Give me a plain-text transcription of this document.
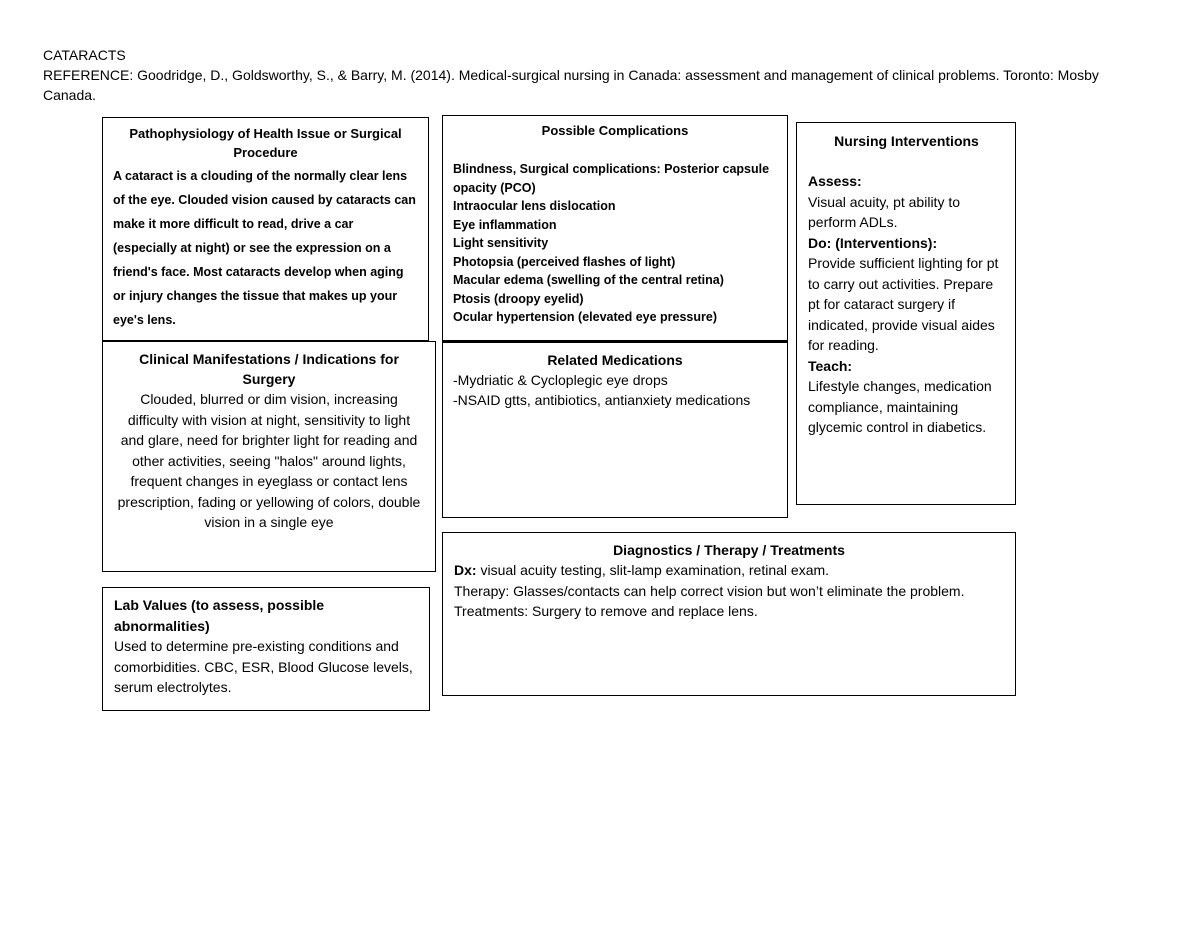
CATARACTS
REFERENCE: Goodridge, D., Goldsworthy, S., & Barry, M. (2014). Medical-surgical nursing in Canada: assessment and management of clinical problems. Toronto: Mosby Canada.
Pathophysiology of Health Issue or Surgical Procedure
A cataract is a clouding of the normally clear lens of the eye. Clouded vision caused by cataracts can make it more difficult to read, drive a car (especially at night) or see the expression on a friend's face. Most cataracts develop when aging or injury changes the tissue that makes up your eye's lens.
Clinical Manifestations / Indications for Surgery
Clouded, blurred or dim vision, increasing difficulty with vision at night, sensitivity to light and glare, need for brighter light for reading and other activities, seeing "halos" around lights, frequent changes in eyeglass or contact lens prescription, fading or yellowing of colors, double vision in a single eye
Possible Complications
Blindness, Surgical complications: Posterior capsule opacity (PCO)
Intraocular lens dislocation
Eye inflammation
Light sensitivity
Photopsia (perceived flashes of light)
Macular edema (swelling of the central retina)
Ptosis (droopy eyelid)
Ocular hypertension (elevated eye pressure)
Related Medications
-Mydriatic & Cycloplegic eye drops
-NSAID gtts, antibiotics, antianxiety medications
Nursing Interventions
Assess:
Visual acuity, pt ability to perform ADLs.
Do: (Interventions):
Provide sufficient lighting for pt to carry out activities. Prepare pt for cataract surgery if indicated, provide visual aides for reading.
Teach:
Lifestyle changes, medication compliance, maintaining glycemic control in diabetics.
Diagnostics / Therapy / Treatments
Dx: visual acuity testing, slit-lamp examination, retinal exam.
Therapy: Glasses/contacts can help correct vision but won’t eliminate the problem.
Treatments: Surgery to remove and replace lens.
Lab Values (to assess, possible abnormalities)
Used to determine pre-existing conditions and comorbidities. CBC, ESR, Blood Glucose levels, serum electrolytes.
